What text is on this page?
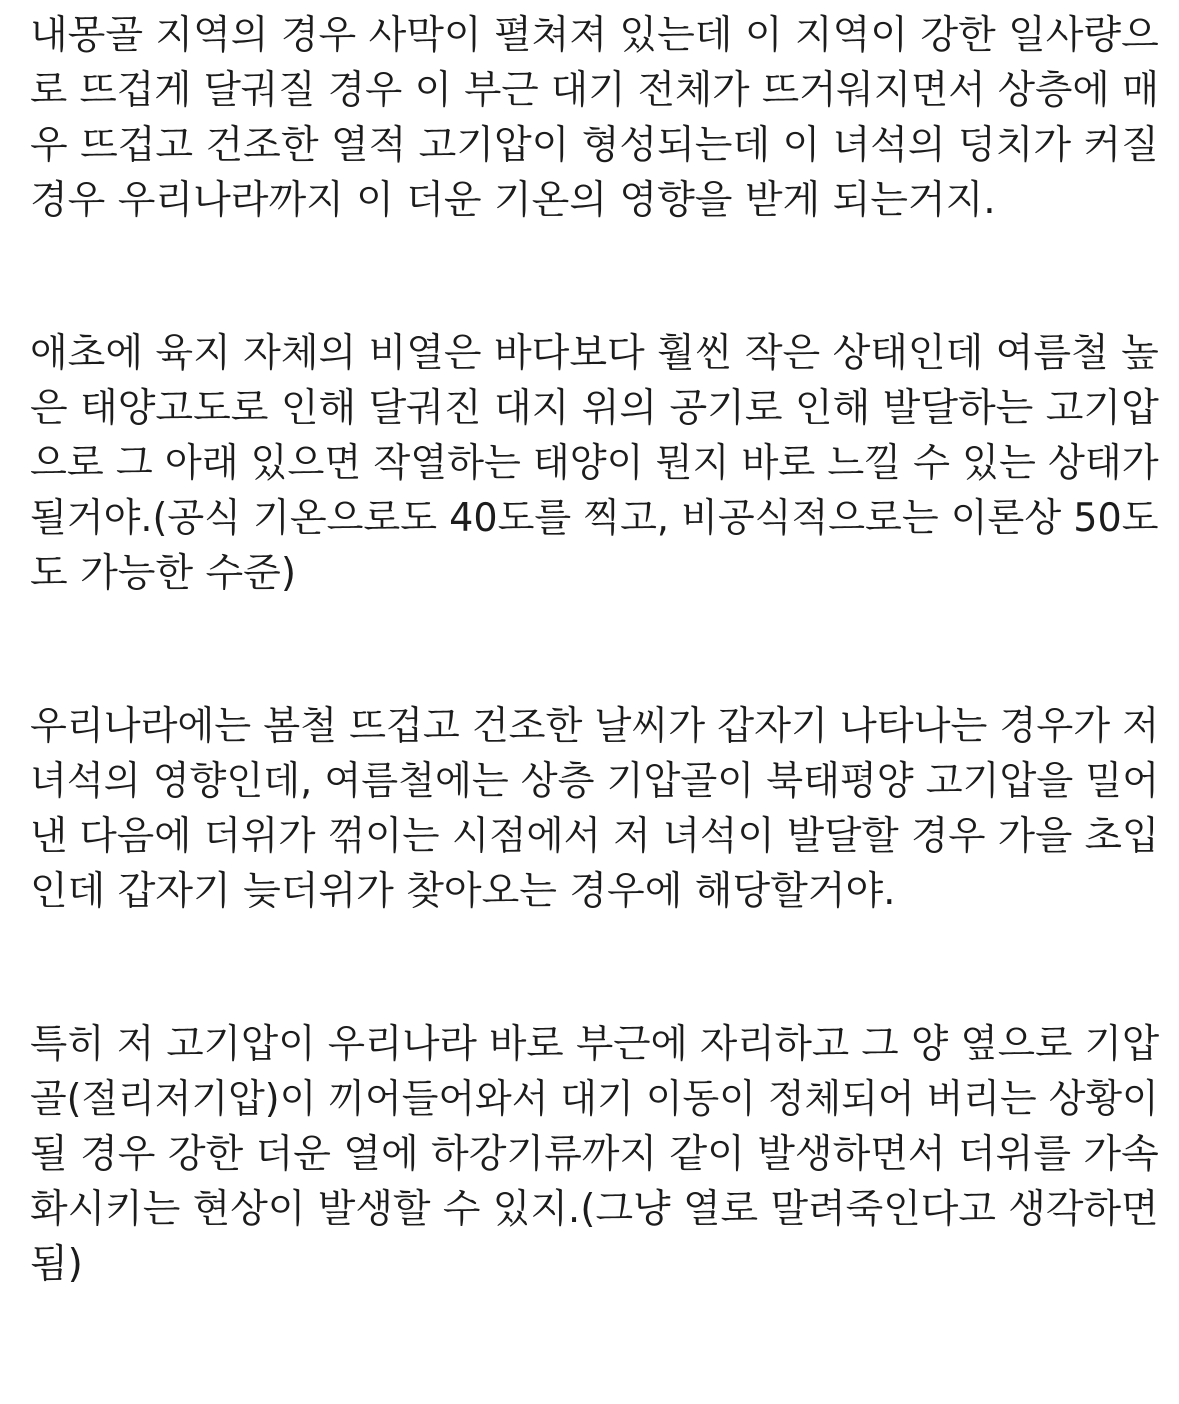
내몽골 지역의 경우 사막이 펼쳐져 있는데 이 지역이 강한 일사량으
로 뜨겁게 달궈질 경우 이 부근 대기 전체가 뜨거워지면서 상층에 매
우 뜨겁고 건조한 열적 고기압이 형성되는데 이 녀석의 덩치가 커질
경우 우리나라까지 이 더운 기온의 영향을 받게 되는거지.
애초에 육지 자체의 비열은 바다보다 훨씬 작은 상태인데 여름철 높
은 태양고도로 인해 달궈진 대지 위의 공기로 인해 발달하는 고기압
으로 그 아래 있으면 작열하는 태양이 뭔지 바로 느낄 수 있는 상태가
될거야.(공식 기온으로도 40도를 찍고, 비공식적으로는 이론상 50도
도 가능한 수준)
우리나라에는 봄철 뜨겁고 건조한 날씨가 갑자기 나타나는 경우가 저
녀석의 영향인데, 여름철에는 상층 기압골이 북태평양 고기압을 밀어
낸 다음에 더위가 꺾이는 시점에서 저 녀석이 발달할 경우 가을 초입
인데 갑자기 늦더위가 찾아오는 경우에 해당할거야.
특히 저 고기압이 우리나라 바로 부근에 자리하고 그 양 옆으로 기압
골(절리저기압)이 끼어들어와서 대기 이동이 정체되어 버리는 상황이
될 경우 강한 더운 열에 하강기류까지 같이 발생하면서 더위를 가속
화시키는 현상이 발생할 수 있지.(그냥 열로 말려죽인다고 생각하면
됨)
